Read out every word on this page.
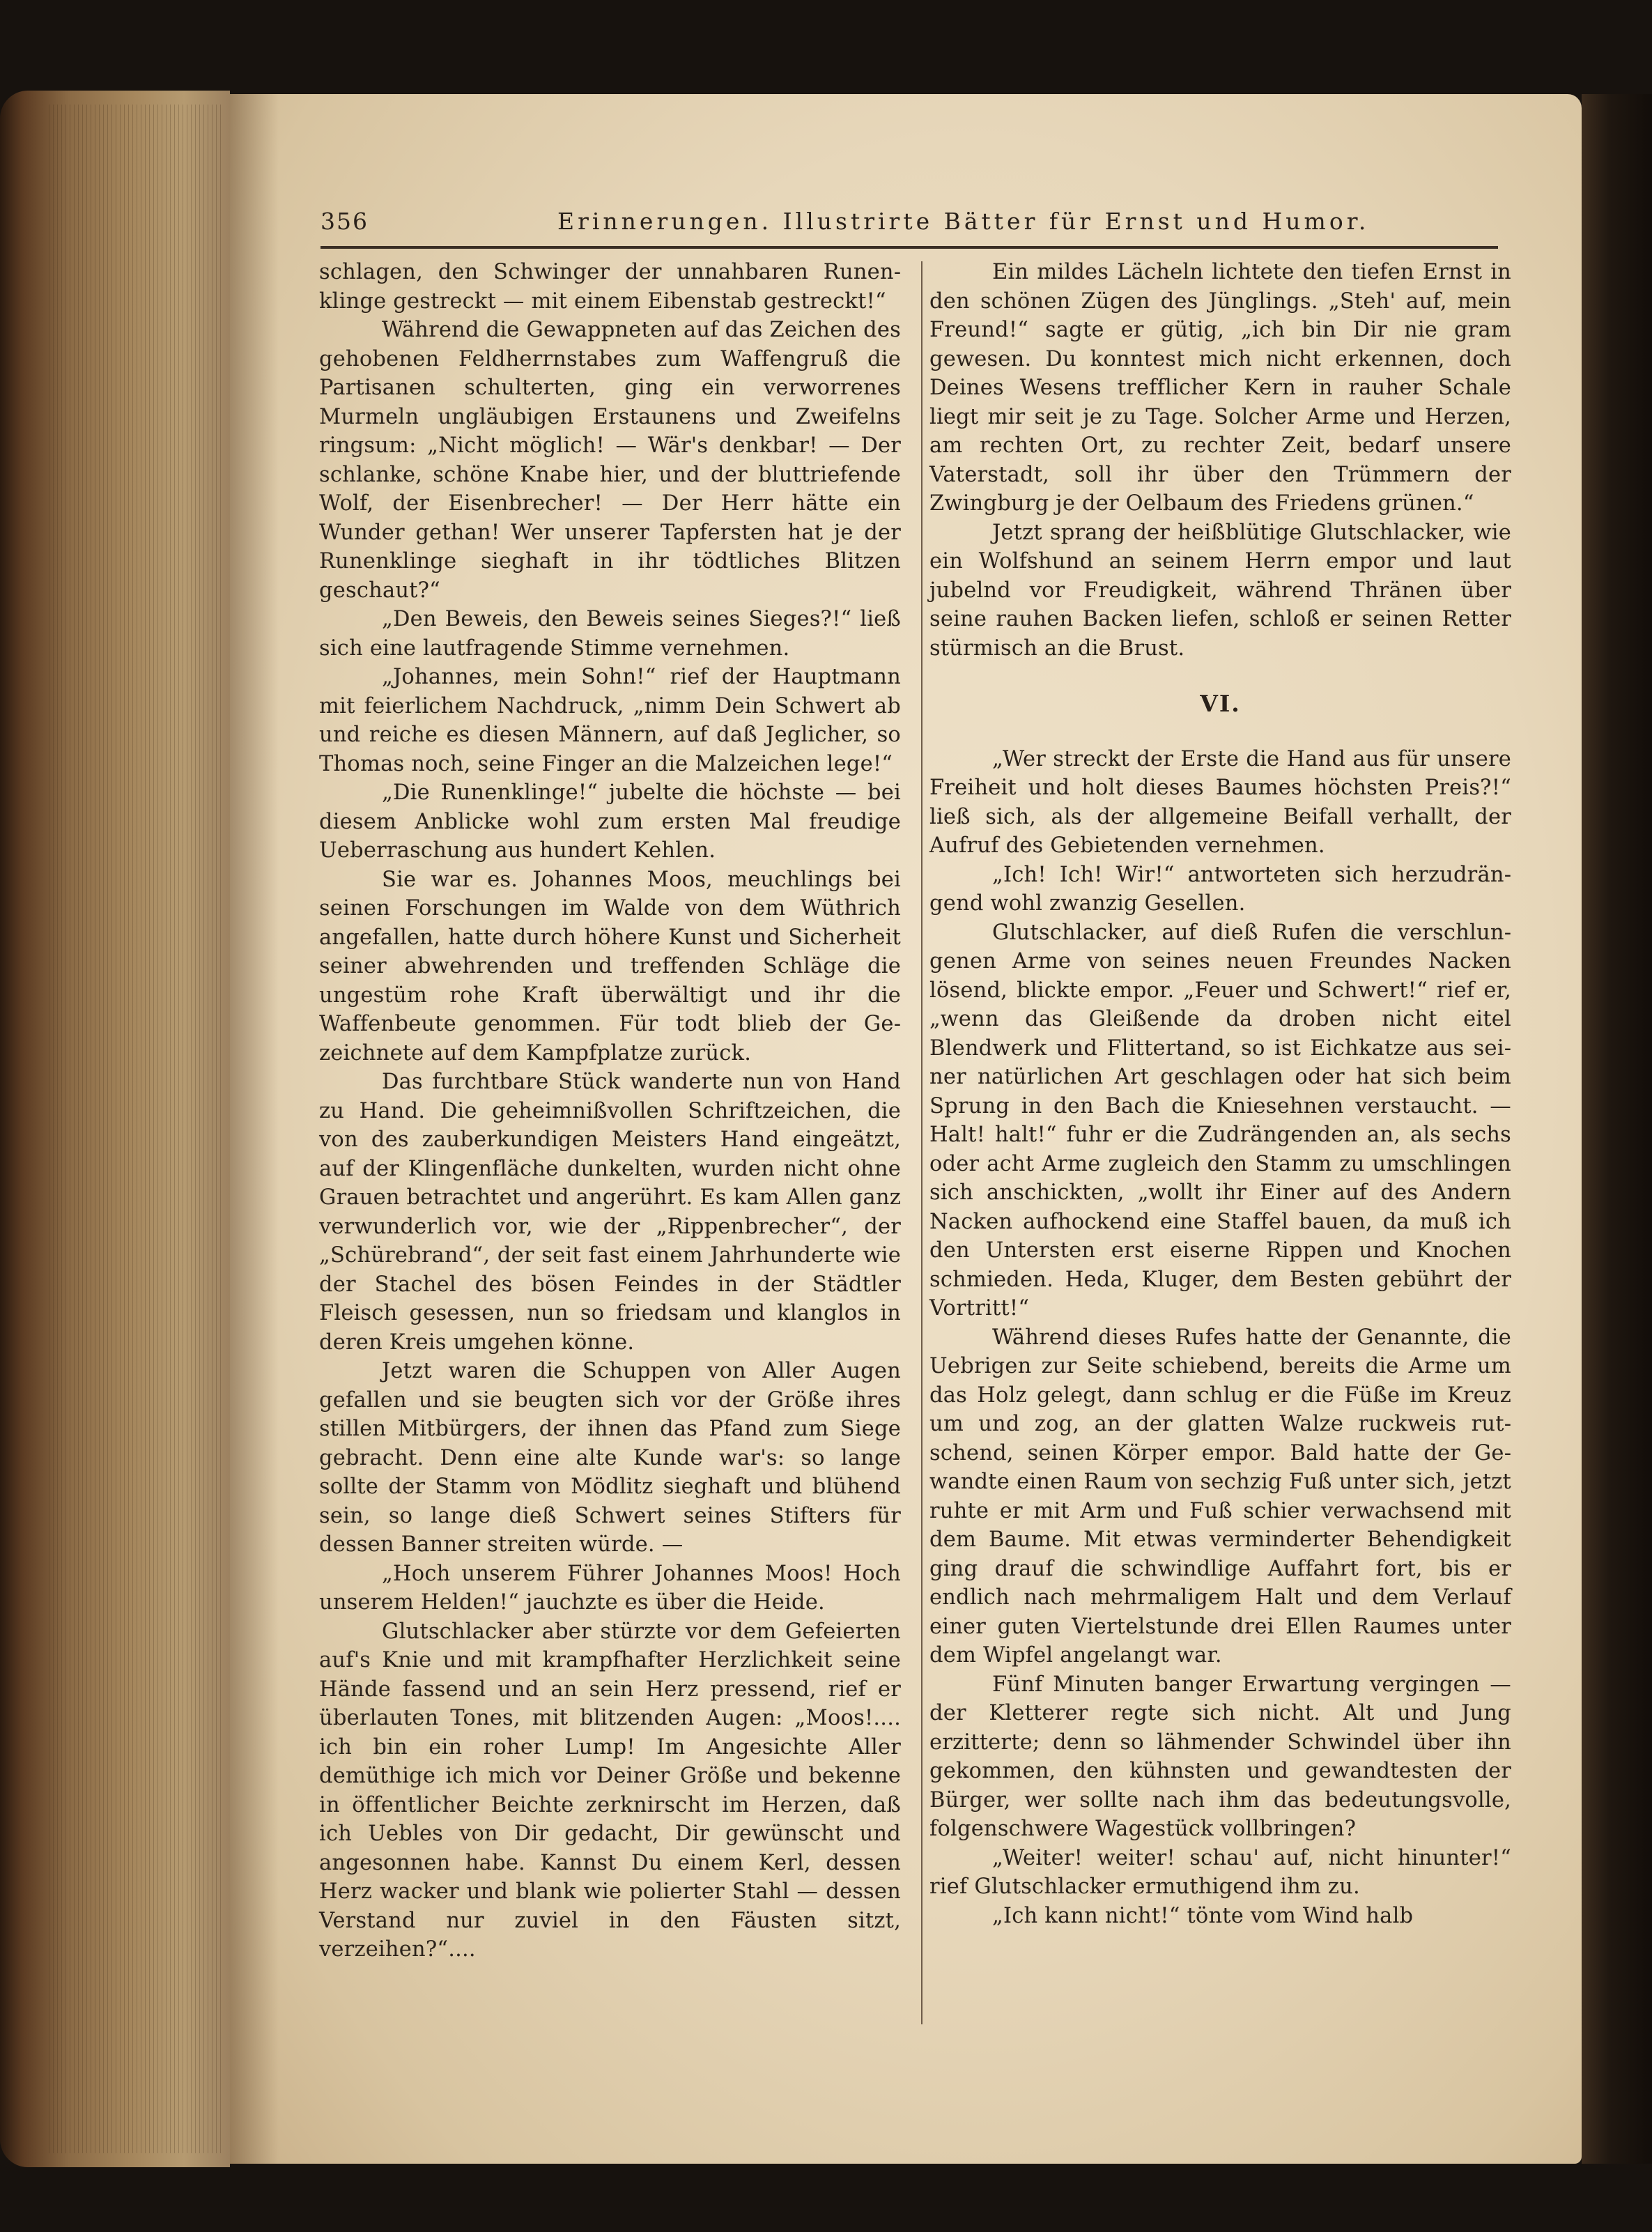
356	Erinnerungen. Illustrirte Bätter für Ernst und Humor.

schlagen, den Schwinger der unnahbaren Runenklinge gestreckt — mit einem Eibenstab gestreckt!“

Während die Gewappneten auf das Zeichen des gehobenen Feldherrnstabes zum Waffengruß die Partisanen schulterten, ging ein verworrenes Murmeln ungläubigen Erstaunens und Zweifelns ringsum: „Nicht möglich! — Wär's denkbar! — Der schlanke, schöne Knabe hier, und der bluttriefende Wolf, der Eisenbrecher! — Der Herr hätte ein Wunder gethan! Wer unserer Tapfersten hat je der Runenklinge sieghaft in ihr tödtliches Blitzen geschaut?“

„Den Beweis, den Beweis seines Sieges?!“ ließ sich eine lautfragende Stimme vernehmen.

„Johannes, mein Sohn!“ rief der Hauptmann mit feierlichem Nachdruck, „nimm Dein Schwert ab und reiche es diesen Männern, auf daß Jeglicher, so Thomas noch, seine Finger an die Malzeichen lege!“

„Die Runenklinge!“ jubelte die höchste — bei diesem Anblicke wohl zum ersten Mal freudige Ueberraschung aus hundert Kehlen.

Sie war es. Johannes Moos, meuchlings bei seinen Forschungen im Walde von dem Wüthrich angefallen, hatte durch höhere Kunst und Sicherheit seiner abwehrenden und treffenden Schläge die ungestüm rohe Kraft überwältigt und ihr die Waffenbeute genommen. Für todt blieb der Gezeichnete auf dem Kampfplatze zurück.

Das furchtbare Stück wanderte nun von Hand zu Hand. Die geheimnißvollen Schriftzeichen, die von des zauberkundigen Meisters Hand eingeätzt, auf der Klingenfläche dunkelten, wurden nicht ohne Grauen betrachtet und angerührt. Es kam Allen ganz verwunderlich vor, wie der „Rippenbrecher“, der „Schürebrand“, der seit fast einem Jahrhunderte wie der Stachel des bösen Feindes in der Städtler Fleisch gesessen, nun so friedsam und klanglos in deren Kreis umgehen könne.

Jetzt waren die Schuppen von Aller Augen gefallen und sie beugten sich vor der Größe ihres stillen Mitbürgers, der ihnen das Pfand zum Siege gebracht. Denn eine alte Kunde war's: so lange sollte der Stamm von Mödlitz sieghaft und blühend sein, so lange dieß Schwert seines Stifters für dessen Banner streiten würde. —

„Hoch unserem Führer Johannes Moos! Hoch unserem Helden!“ jauchzte es über die Heide.

Glutschlacker aber stürzte vor dem Gefeierten auf's Knie und mit krampfhafter Herzlichkeit seine Hände fassend und an sein Herz pressend, rief er überlauten Tones, mit blitzenden Augen: „Moos!.... ich bin ein roher Lump! Im Angesichte Aller demüthige ich mich vor Deiner Größe und bekenne in öffentlicher Beichte zerknirscht im Herzen, daß ich Uebles von Dir gedacht, Dir gewünscht und angesonnen habe. Kannst Du einem Kerl, dessen Herz wacker und blank wie polierter Stahl — dessen Verstand nur zuviel in den Fäusten sitzt, verzeihen?“....

Ein mildes Lächeln lichtete den tiefen Ernst in den schönen Zügen des Jünglings. „Steh' auf, mein Freund!“ sagte er gütig, „ich bin Dir nie gram gewesen. Du konntest mich nicht erkennen, doch Deines Wesens trefflicher Kern in rauher Schale liegt mir seit je zu Tage. Solcher Arme und Herzen, am rechten Ort, zu rechter Zeit, bedarf unsere Vaterstadt, soll ihr über den Trümmern der Zwingburg je der Oelbaum des Friedens grünen.“

Jetzt sprang der heißblütige Glutschlacker, wie ein Wolfshund an seinem Herrn empor und laut jubelnd vor Freudigkeit, während Thränen über seine rauhen Backen liefen, schloß er seinen Retter stürmisch an die Brust.

VI.

„Wer streckt der Erste die Hand aus für unsere Freiheit und holt dieses Baumes höchsten Preis?!“ ließ sich, als der allgemeine Beifall verhallt, der Aufruf des Gebietenden vernehmen.

„Ich! Ich! Wir!“ antworteten sich herzudrängend wohl zwanzig Gesellen.

Glutschlacker, auf dieß Rufen die verschlungenen Arme von seines neuen Freundes Nacken lösend, blickte empor. „Feuer und Schwert!“ rief er, „wenn das Gleißende da droben nicht eitel Blendwerk und Flittertand, so ist Eichkatze aus seiner natürlichen Art geschlagen oder hat sich beim Sprung in den Bach die Kniesehnen verstaucht. — Halt! halt!“ fuhr er die Zudrängenden an, als sechs oder acht Arme zugleich den Stamm zu umschlingen sich anschickten, „wollt ihr Einer auf des Andern Nacken aufhockend eine Staffel bauen, da muß ich den Untersten erst eiserne Rippen und Knochen schmieden. Heda, Kluger, dem Besten gebührt der Vortritt!“

Während dieses Rufes hatte der Genannte, die Uebrigen zur Seite schiebend, bereits die Arme um das Holz gelegt, dann schlug er die Füße im Kreuz um und zog, an der glatten Walze ruckweis rutschend, seinen Körper empor. Bald hatte der Gewandte einen Raum von sechzig Fuß unter sich, jetzt ruhte er mit Arm und Fuß schier verwachsend mit dem Baume. Mit etwas verminderter Behendigkeit ging drauf die schwindlige Auffahrt fort, bis er endlich nach mehrmaligem Halt und dem Verlauf einer guten Viertelstunde drei Ellen Raumes unter dem Wipfel angelangt war.

Fünf Minuten banger Erwartung vergingen — der Kletterer regte sich nicht. Alt und Jung erzitterte; denn so lähmender Schwindel über ihn gekommen, den kühnsten und gewandtesten der Bürger, wer sollte nach ihm das bedeutungsvolle, folgenschwere Wagestück vollbringen?

„Weiter! weiter! schau' auf, nicht hinunter!“ rief Glutschlacker ermuthigend ihm zu.

„Ich kann nicht!“ tönte vom Wind halb
